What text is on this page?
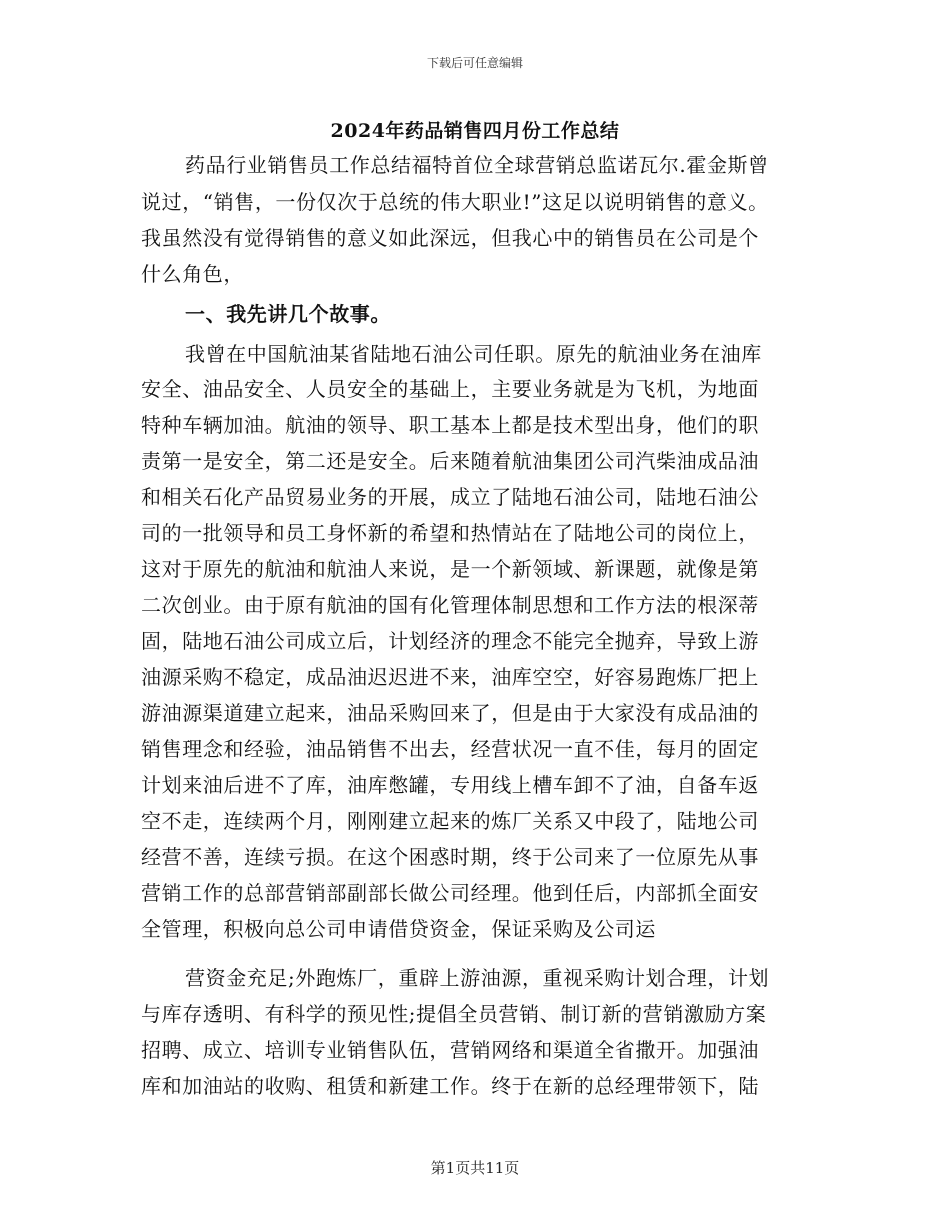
下载后可任意编辑
2024年药品销售四月份工作总结
药品行业销售员工作总结福特首位全球营销总监诺瓦尔.霍金斯曾
说过，“销售，一份仅次于总统的伟大职业!”这足以说明销售的意义。
我虽然没有觉得销售的意义如此深远，但我心中的销售员在公司是个
什么角色，
一、我先讲几个故事。
我曾在中国航油某省陆地石油公司任职。原先的航油业务在油库
安全、油品安全、人员安全的基础上，主要业务就是为飞机，为地面
特种车辆加油。航油的领导、职工基本上都是技术型出身，他们的职
责第一是安全，第二还是安全。后来随着航油集团公司汽柴油成品油
和相关石化产品贸易业务的开展，成立了陆地石油公司，陆地石油公
司的一批领导和员工身怀新的希望和热情站在了陆地公司的岗位上，
这对于原先的航油和航油人来说，是一个新领域、新课题，就像是第
二次创业。由于原有航油的国有化管理体制思想和工作方法的根深蒂
固，陆地石油公司成立后，计划经济的理念不能完全抛弃，导致上游
油源采购不稳定，成品油迟迟进不来，油库空空，好容易跑炼厂把上
游油源渠道建立起来，油品采购回来了，但是由于大家没有成品油的
销售理念和经验，油品销售不出去，经营状况一直不佳，每月的固定
计划来油后进不了库，油库憋罐，专用线上槽车卸不了油，自备车返
空不走，连续两个月，刚刚建立起来的炼厂关系又中段了，陆地公司
经营不善，连续亏损。在这个困惑时期，终于公司来了一位原先从事
营销工作的总部营销部副部长做公司经理。他到任后，内部抓全面安
全管理，积极向总公司申请借贷资金，保证采购及公司运
营资金充足;外跑炼厂，重辟上游油源，重视采购计划合理，计划
与库存透明、有科学的预见性;提倡全员营销、制订新的营销激励方案
招聘、成立、培训专业销售队伍，营销网络和渠道全省撒开。加强油
库和加油站的收购、租赁和新建工作。终于在新的总经理带领下，陆
第1页共11页
